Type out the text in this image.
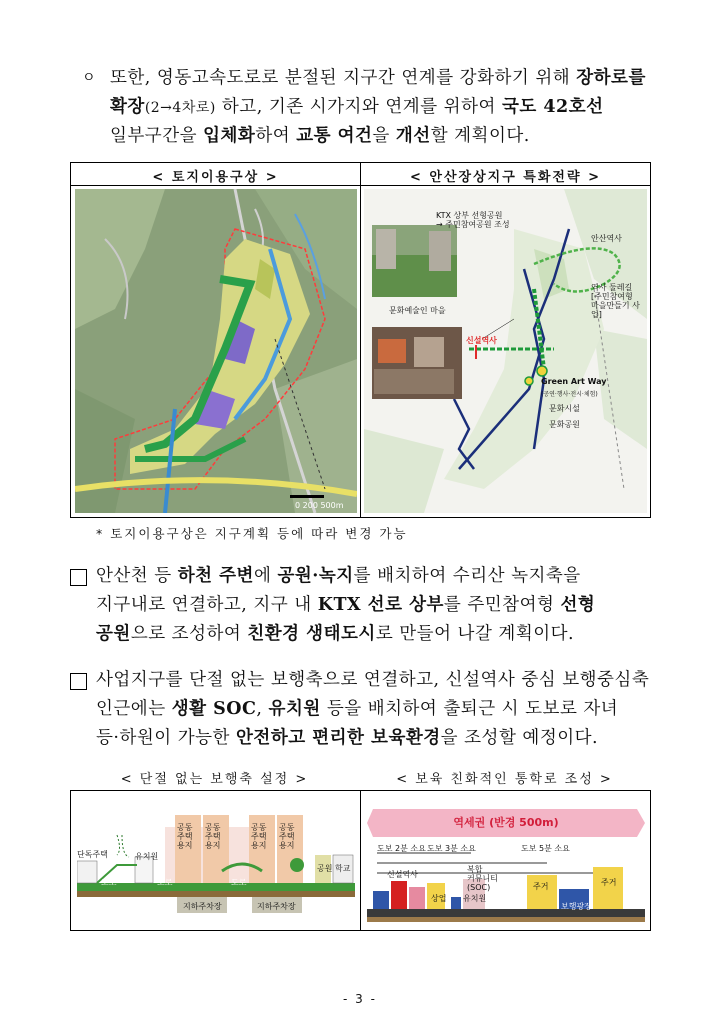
ㅇ 또한, 영동고속도로로 분절된 지구간 연계를 강화하기 위해 장하로를
확장(2→4차로) 하고, 기존 시가지와 연계를 위하여 국도 42호선
일부구간을 입체화하여 교통 여건을 개선할 계획이다.
< 토지이용구상 >	< 안산장상지구 특화전략 >
0 200 500m
KTX 상부 선형공원
→ 주민참여공원 조성
안산역사
역사 둘레길
[주민참여형
마을만들기 사업]
문화예술인 마을
신설역사
Green Art Way
(공연·행사·전시·체험)
문화시설
문화공원
* 토지이용구상은 지구계획 등에 따라 변경 가능
안산천 등 하천 주변에 공원·녹지를 배치하여 수리산 녹지축을
지구내로 연결하고, 지구 내 KTX 선로 상부를 주민참여형 선형
공원으로 조성하여 친환경 생태도시로 만들어 나갈 계획이다.
사업지구를 단절 없는 보행축으로 연결하고, 신설역사 중심 보행중심축
인근에는 생활 SOC, 유치원 등을 배치하여 출퇴근 시 도보로 자녀
등·하원이 가능한 안전하고 편리한 보육환경을 조성할 예정이다.
< 단절 없는 보행축 설정 >	< 보육 친화적인 통학로 조성 >
단독주택	유치원
도로	도로	도로
공동주택용지
공동주택용지
공동주택용지
공동주택용지
공원 학교
지하주차장	지하주차장
역세권 (반경 500m)
도보 2분 소요 도보 3분 소요	도보 5분 소요
신설역사
복합
커뮤니티
(SOC)
상업 유치원
주거	주거
보행광장
- 3 -
